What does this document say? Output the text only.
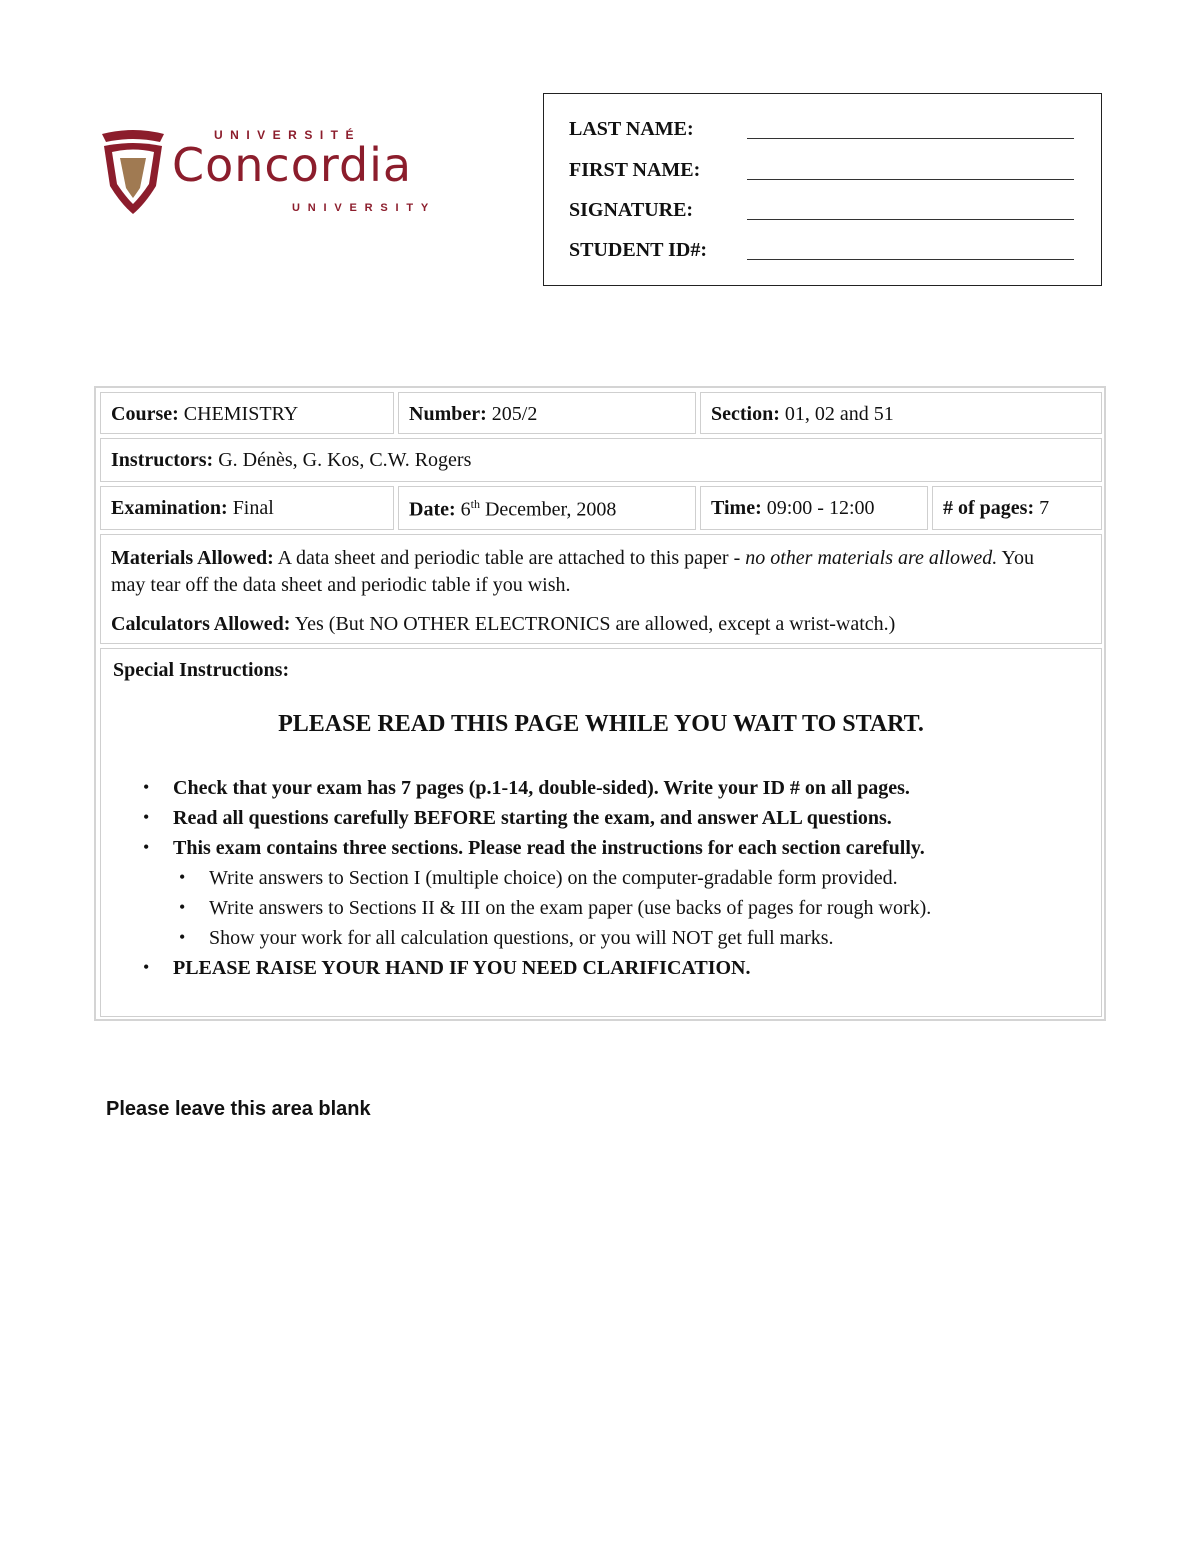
UNIVERSITÉ
Concordia
UNIVERSITY
LAST NAME:
FIRST NAME:
SIGNATURE:
STUDENT ID#:
Course: CHEMISTRY	Number: 205/2	Section: 01, 02 and 51
Instructors: G. Dénès, G. Kos, C.W. Rogers
Examination: Final	Date: 6th December, 2008	Time: 09:00 - 12:00	# of pages: 7
Materials Allowed: A data sheet and periodic table are attached to this paper - no other materials are allowed. You may tear off the data sheet and periodic table if you wish.
Calculators Allowed: Yes (But NO OTHER ELECTRONICS are allowed, except a wrist-watch.)
Special Instructions:
PLEASE READ THIS PAGE WHILE YOU WAIT TO START.
• Check that your exam has 7 pages (p.1-14, double-sided). Write your ID # on all pages.
• Read all questions carefully BEFORE starting the exam, and answer ALL questions.
• This exam contains three sections. Please read the instructions for each section carefully.
• Write answers to Section I (multiple choice) on the computer-gradable form provided.
• Write answers to Sections II & III on the exam paper (use backs of pages for rough work).
• Show your work for all calculation questions, or you will NOT get full marks.
• PLEASE RAISE YOUR HAND IF YOU NEED CLARIFICATION.
Please leave this area blank
